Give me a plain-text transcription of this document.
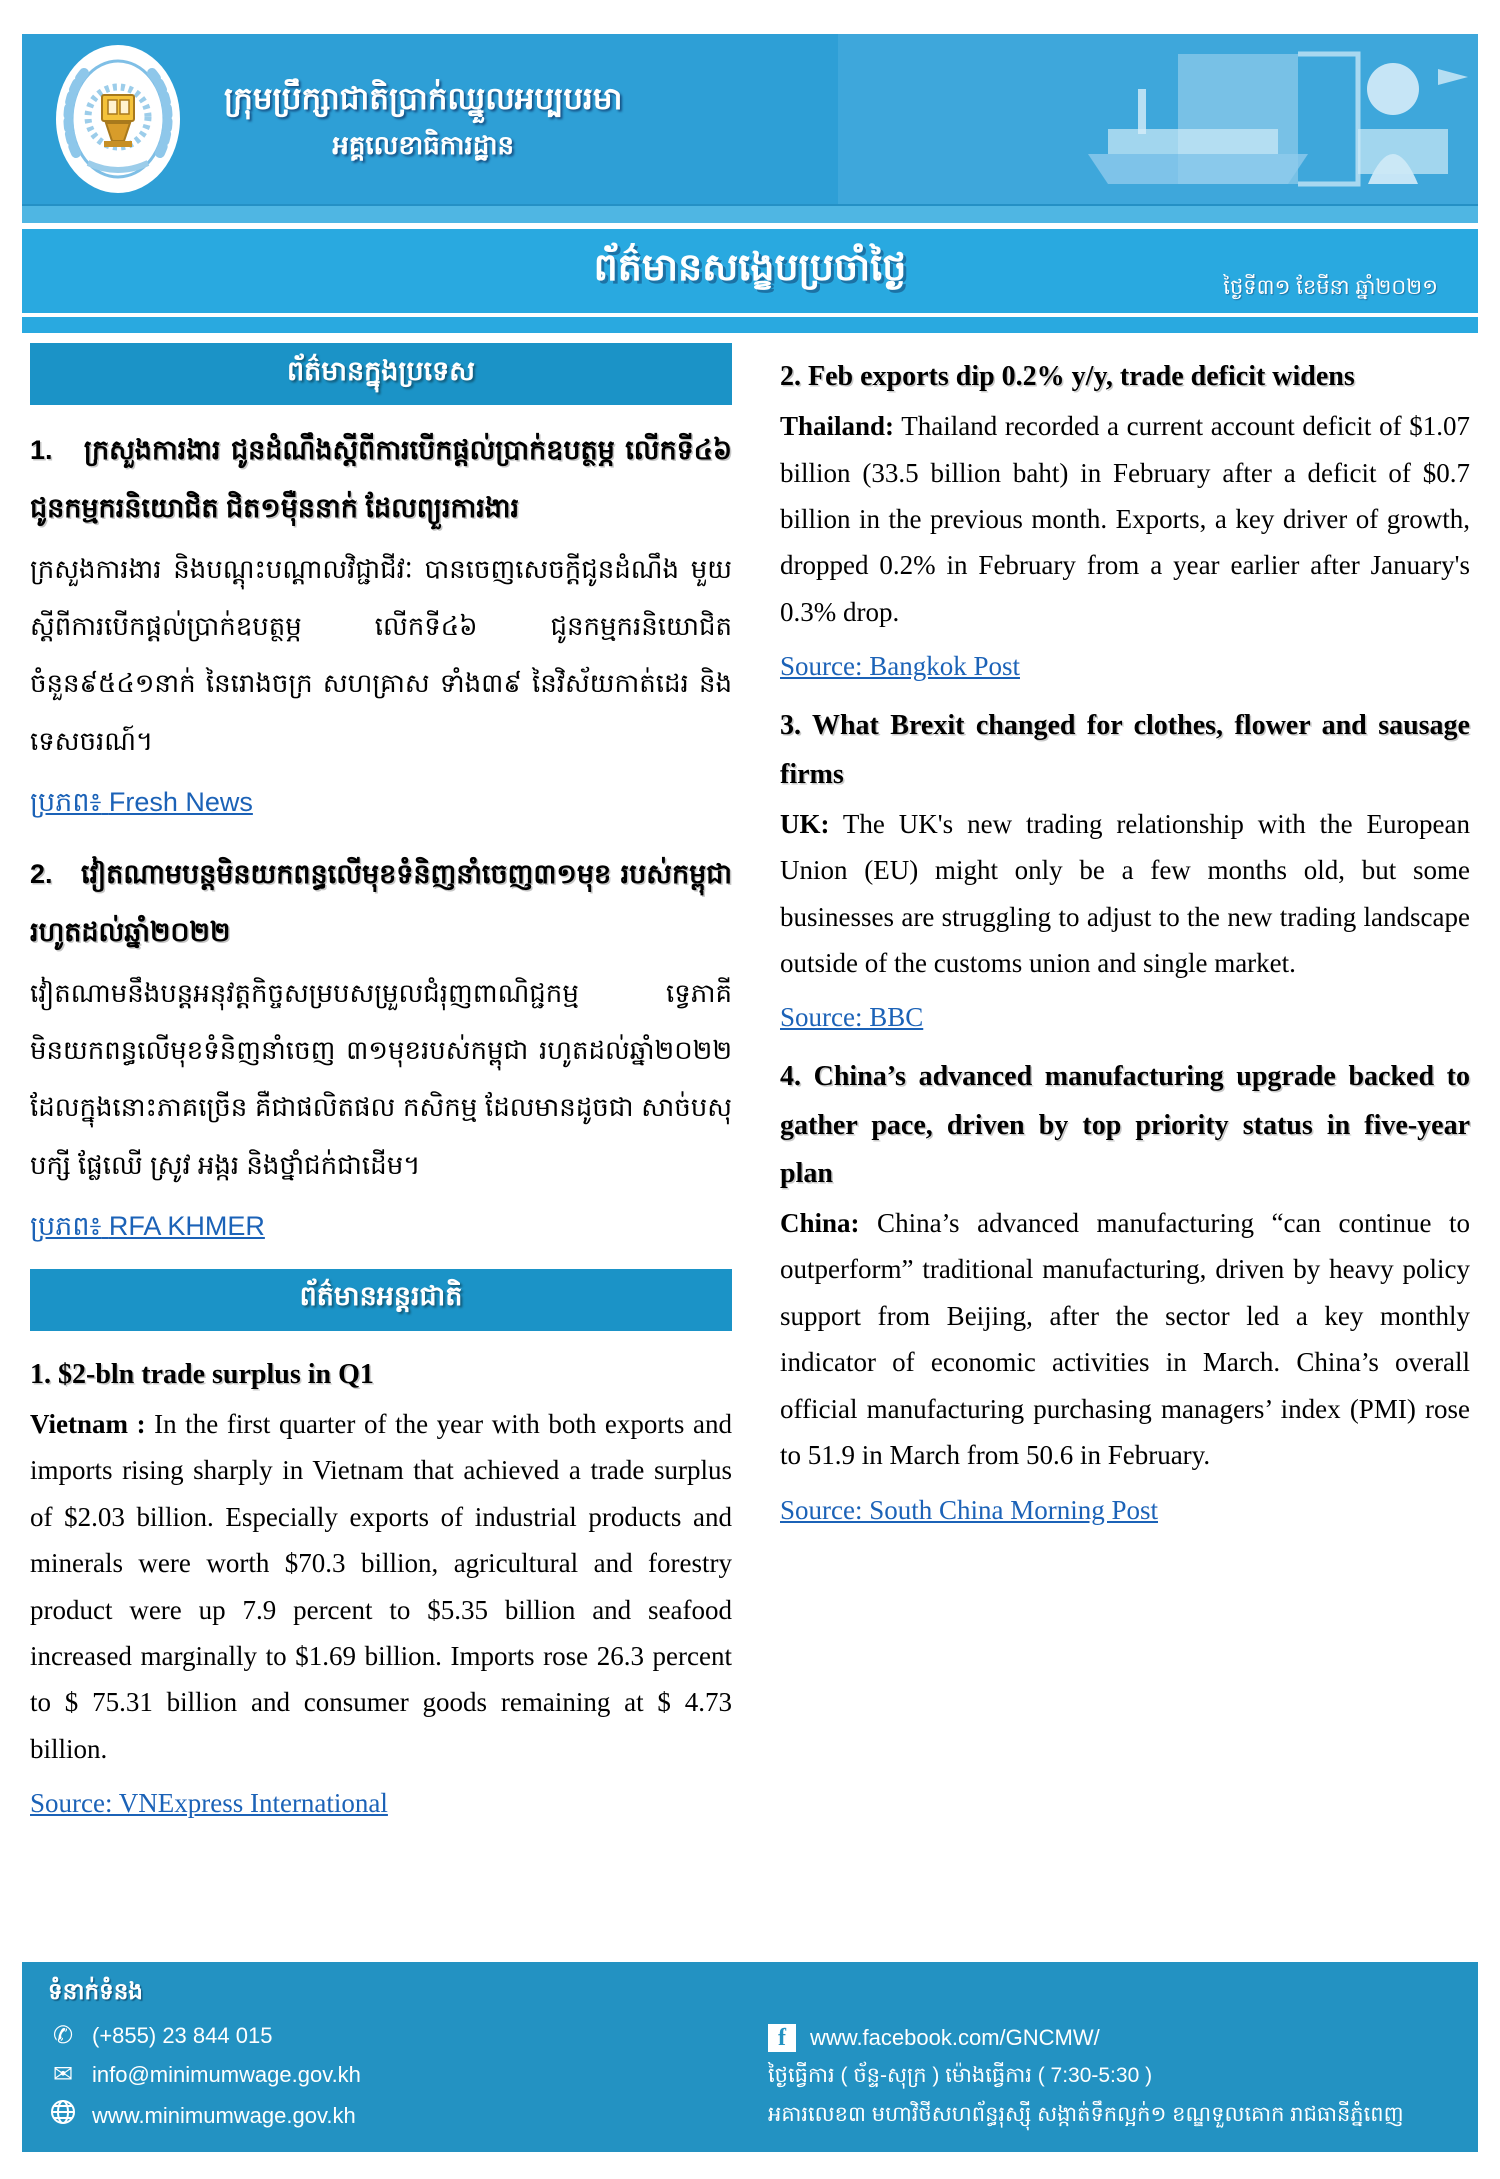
ក្រុមប្រឹក្សាជាតិប្រាក់ឈ្នួលអប្បបរមា
អគ្គលេខាធិការដ្ឋាន
ព័ត៌មានសង្ខេបប្រចាំថ្ងៃ	ថ្ងៃទី៣១ ខែមីនា ឆ្នាំ២០២១
ព័ត៌មានក្នុងប្រទេស
1. ក្រសួងការងារ ជូនដំណឹងស្ដីពីការបើកផ្ដល់ប្រាក់ឧបត្ថម្ភ លើកទី៤៦ ជូនកម្មករនិយោជិត ជិត១ម៉ឺននាក់ ដែលព្យួរការងារ
ក្រសួងការងារ និងបណ្ដុះបណ្ដាលវិជ្ជាជីវៈ បានចេញសេចក្ដីជូនដំណឹង មួយស្ដីពីការបើកផ្ដល់ប្រាក់ឧបត្ថម្ភ លើកទី៤៦ ជូនកម្មករនិយោជិត ចំនួន៩៥៤១នាក់ នៃរោងចក្រ សហគ្រាស ទាំង៣៩ នៃវិស័យកាត់ដេរ និងទេសចរណ៍។
ប្រភព៖ Fresh News
2. វៀតណាមបន្តមិនយកពន្ធលើមុខទំនិញនាំចេញ៣១មុខ របស់កម្ពុជារហូតដល់ឆ្នាំ២០២២
វៀតណាមនឹងបន្តអនុវត្តកិច្ចសម្របសម្រួលជំរុញពាណិជ្ជកម្ម ទ្វេភាគី មិនយកពន្ធលើមុខទំនិញនាំចេញ ៣១មុខរបស់កម្ពុជា រហូតដល់ឆ្នាំ២០២២ ដែលក្នុងនោះភាគច្រើន គឺជាផលិតផល កសិកម្ម ដែលមានដូចជា សាច់បសុបក្សី ផ្លែឈើ ស្រូវ អង្ករ និងថ្នាំជក់ជាដើម។
ប្រភព៖ RFA KHMER
ព័ត៌មានអន្តរជាតិ
1. $2-bln trade surplus in Q1
Vietnam : In the first quarter of the year with both exports and imports rising sharply in Vietnam that achieved a trade surplus of $2.03 billion. Especially exports of industrial products and minerals were worth $70.3 billion, agricultural and forestry product were up 7.9 percent to $5.35 billion and seafood increased marginally to $1.69 billion. Imports rose 26.3 percent to $ 75.31 billion and consumer goods remaining at $ 4.73 billion.
Source: VNExpress International
2. Feb exports dip 0.2% y/y, trade deficit widens
Thailand: Thailand recorded a current account deficit of $1.07 billion (33.5 billion baht) in February after a deficit of $0.7 billion in the previous month. Exports, a key driver of growth, dropped 0.2% in February from a year earlier after January's 0.3% drop.
Source: Bangkok Post
3. What Brexit changed for clothes, flower and sausage firms
UK: The UK's new trading relationship with the European Union (EU) might only be a few months old, but some businesses are struggling to adjust to the new trading landscape outside of the customs union and single market.
Source: BBC
4. China’s advanced manufacturing upgrade backed to gather pace, driven by top priority status in five-year plan
China: China’s advanced manufacturing “can continue to outperform” traditional manufacturing, driven by heavy policy support from Beijing, after the sector led a key monthly indicator of economic activities in March. China’s overall official manufacturing purchasing managers’ index (PMI) rose to 51.9 in March from 50.6 in February.
Source: South China Morning Post
ទំនាក់ទំនង
✆ (+855) 23 844 015
✉ info@minimumwage.gov.kh
www.minimumwage.gov.kh
f	www.facebook.com/GNCMW/
ថ្ងៃធ្វើការ ( ច័ន្ទ-សុក្រ ) ម៉ោងធ្វើការ ( 7:30-5:30 )
អគារលេខ៣ មហាវិថីសហព័ន្ធរុស្ស៊ី សង្កាត់ទឹកល្អក់១ ខណ្ឌទួលគោក រាជធានីភ្នំពេញ
